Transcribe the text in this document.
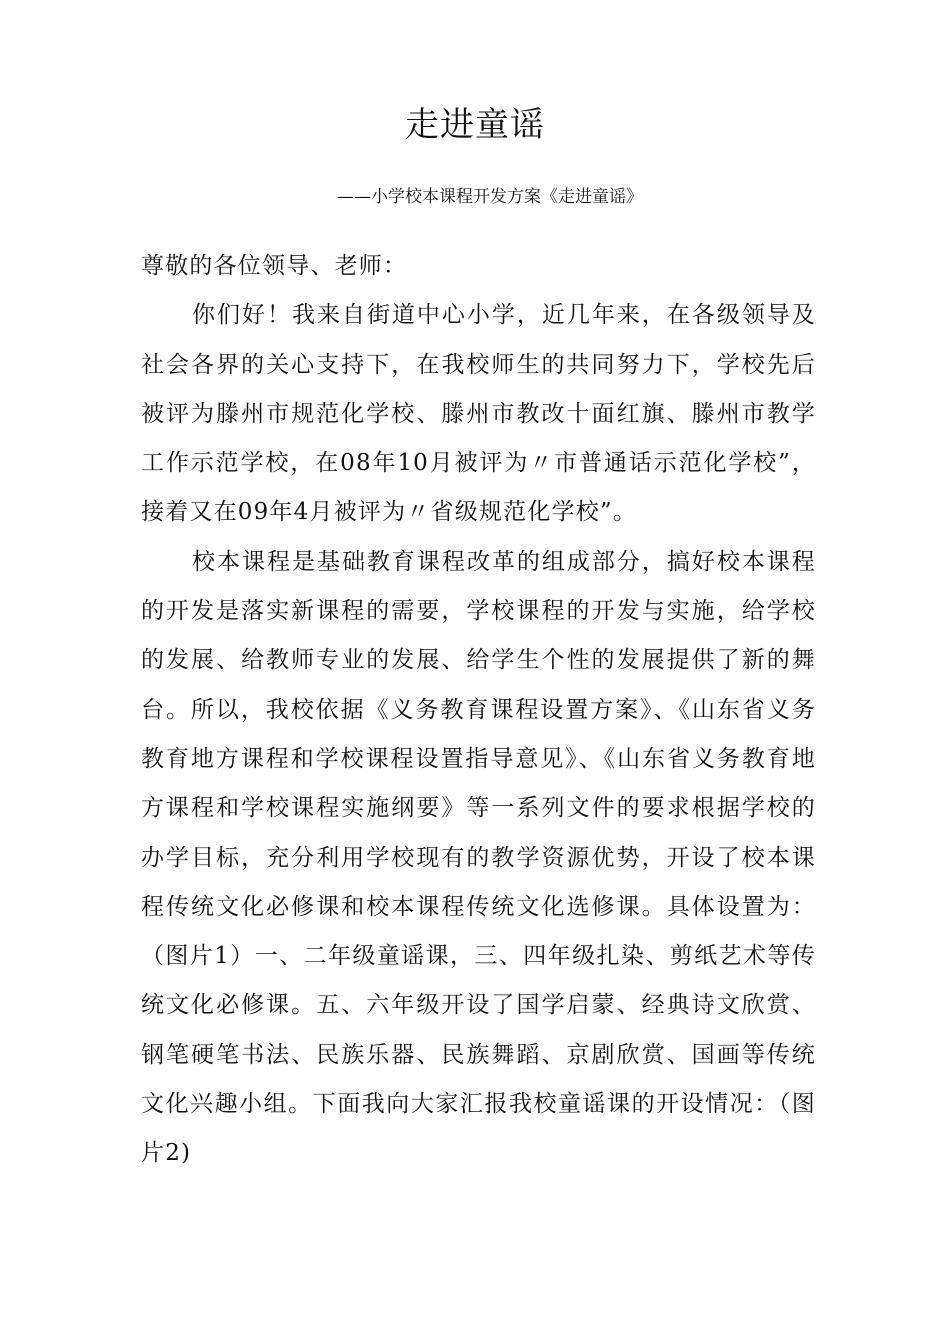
走进童谣
——小学校本课程开发方案《走进童谣》

尊敬的各位领导、老师：

你们好！我来自街道中心小学，近几年来，在各级领导及社会各界的关心支持下，在我校师生的共同努力下，学校先后被评为滕州市规范化学校、滕州市教改十面红旗、滕州市教学工作示范学校，在08年10月被评为〃市普通话示范化学校”，接着又在09年4月被评为〃省级规范化学校”。

校本课程是基础教育课程改革的组成部分，搞好校本课程的开发是落实新课程的需要，学校课程的开发与实施，给学校的发展、给教师专业的发展、给学生个性的发展提供了新的舞台。所以，我校依据《义务教育课程设置方案》、《山东省义务教育地方课程和学校课程设置指导意见》、《山东省义务教育地方课程和学校课程实施纲要》等一系列文件的要求根据学校的办学目标，充分利用学校现有的教学资源优势，开设了校本课程传统文化必修课和校本课程传统文化选修课。具体设置为：（图片1）一、二年级童谣课，三、四年级扎染、剪纸艺术等传统文化必修课。五、六年级开设了国学启蒙、经典诗文欣赏、钢笔硬笔书法、民族乐器、民族舞蹈、京剧欣赏、国画等传统文化兴趣小组。下面我向大家汇报我校童谣课的开设情况：（图片2)
